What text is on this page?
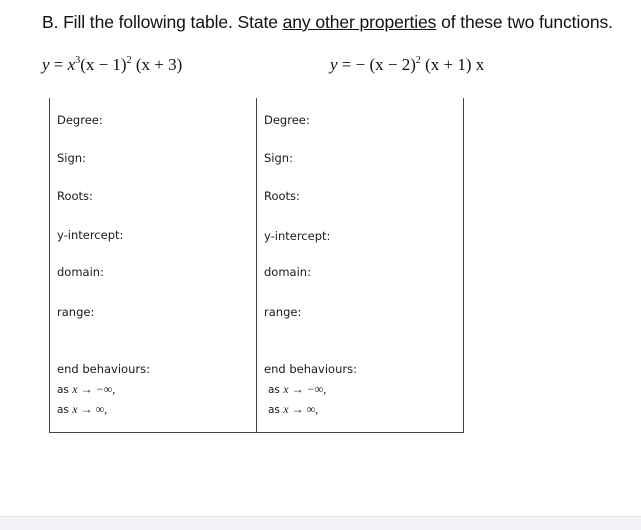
B. Fill the following table. State any other properties of these two functions.
$y = x^3(x - 1)^2$ (x + 3)	y = − $(x - 2)^2$ (x + 1) x
Degree:
Sign:
Roots:
y-intercept:
domain:
range:
end behaviours:
as x → −∞,
as x → ∞,
Degree:
Sign:
Roots:
y-intercept:
domain:
range:
end behaviours:
as x → −∞,
as x → ∞,
